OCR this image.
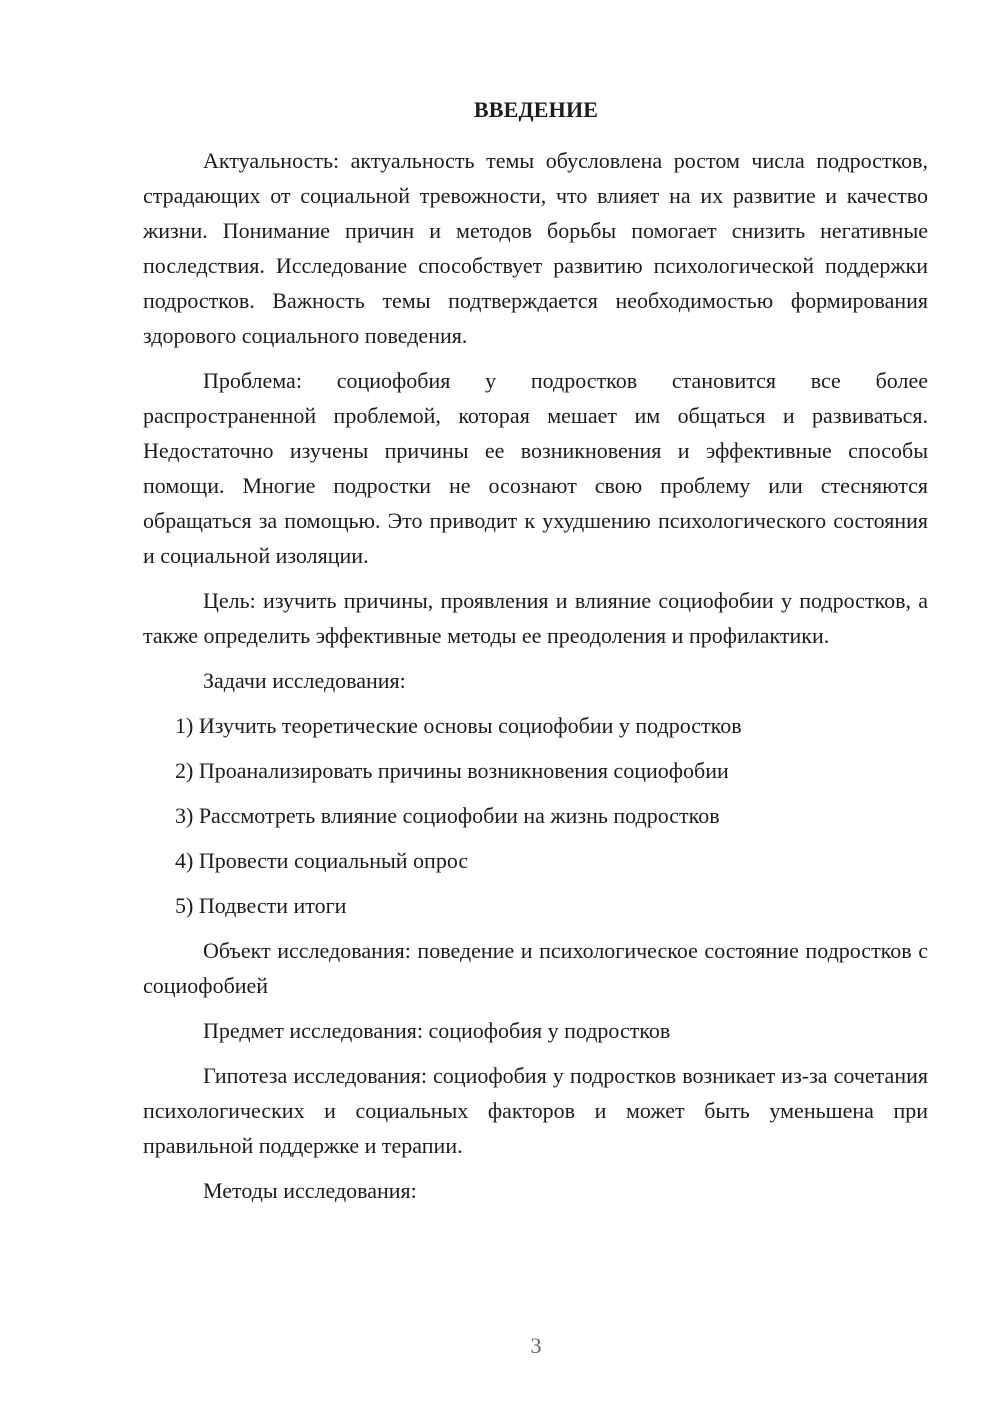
ВВЕДЕНИЕ

Актуальность: актуальность темы обусловлена ростом числа подростков, страдающих от социальной тревожности, что влияет на их развитие и качество жизни. Понимание причин и методов борьбы помогает снизить негативные последствия. Исследование способствует развитию психологической поддержки подростков. Важность темы подтверждается необходимостью формирования здорового социального поведения.

Проблема: социофобия у подростков становится все более распространенной проблемой, которая мешает им общаться и развиваться. Недостаточно изучены причины ее возникновения и эффективные способы помощи. Многие подростки не осознают свою проблему или стесняются обращаться за помощью. Это приводит к ухудшению психологического состояния и социальной изоляции.

Цель: изучить причины, проявления и влияние социофобии у подростков, а также определить эффективные методы ее преодоления и профилактики.

Задачи исследования:

1) Изучить теоретические основы социофобии у подростков

2) Проанализировать причины возникновения социофобии

3) Рассмотреть влияние социофобии на жизнь подростков

4) Провести социальный опрос

5) Подвести итоги

Объект исследования: поведение и психологическое состояние подростков с социофобией

Предмет исследования: социофобия у подростков

Гипотеза исследования: социофобия у подростков возникает из-за сочетания психологических и социальных факторов и может быть уменьшена при правильной поддержке и терапии.

Методы исследования:

3
